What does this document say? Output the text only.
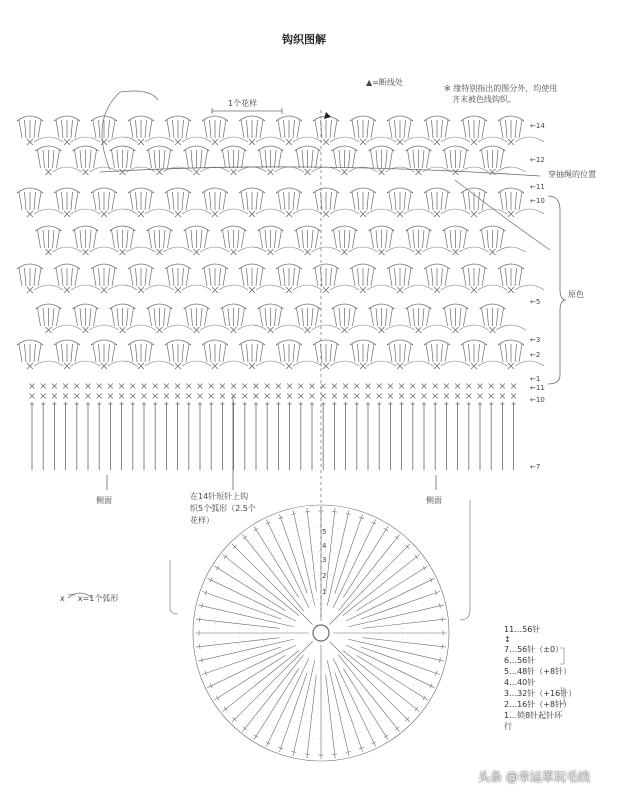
钩织图解
▲=断线处
※ 缘特别指出的图分外，均使用
齐末被色线钩织。
1个花样
穿抽绳的位置
原色
侧面	侧面
在14针短针上钩
织5个弧形（2.5个
花样）
x ⌒ x=1个弧形
←14
←12
←11
←10
←5
←3
←2
←1
←11
←10
←7
5
4
3
2
1
11…56针
↕
7…56针（±0）
6…56针
5…48针（+8针）
4…40针
3…32针（+16针）
2…16针（+8针）
1…锁8针起针环
行
头条 @幸运草玩毛线
